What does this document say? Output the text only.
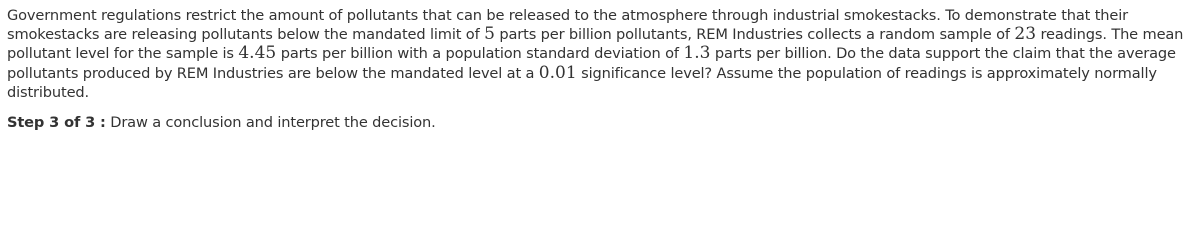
Government regulations restrict the amount of pollutants that can be released to the atmosphere through industrial smokestacks. To demonstrate that their smokestacks are releasing pollutants below the mandated limit of 5 parts per billion pollutants, REM Industries collects a random sample of 23 readings. The mean pollutant level for the sample is 4.45 parts per billion with a population standard deviation of 1.3 parts per billion. Do the data support the claim that the average pollutants produced by REM Industries are below the mandated level at a 0.01 significance level? Assume the population of readings is approximately normally distributed.

Step 3 of 3 : Draw a conclusion and interpret the decision.
